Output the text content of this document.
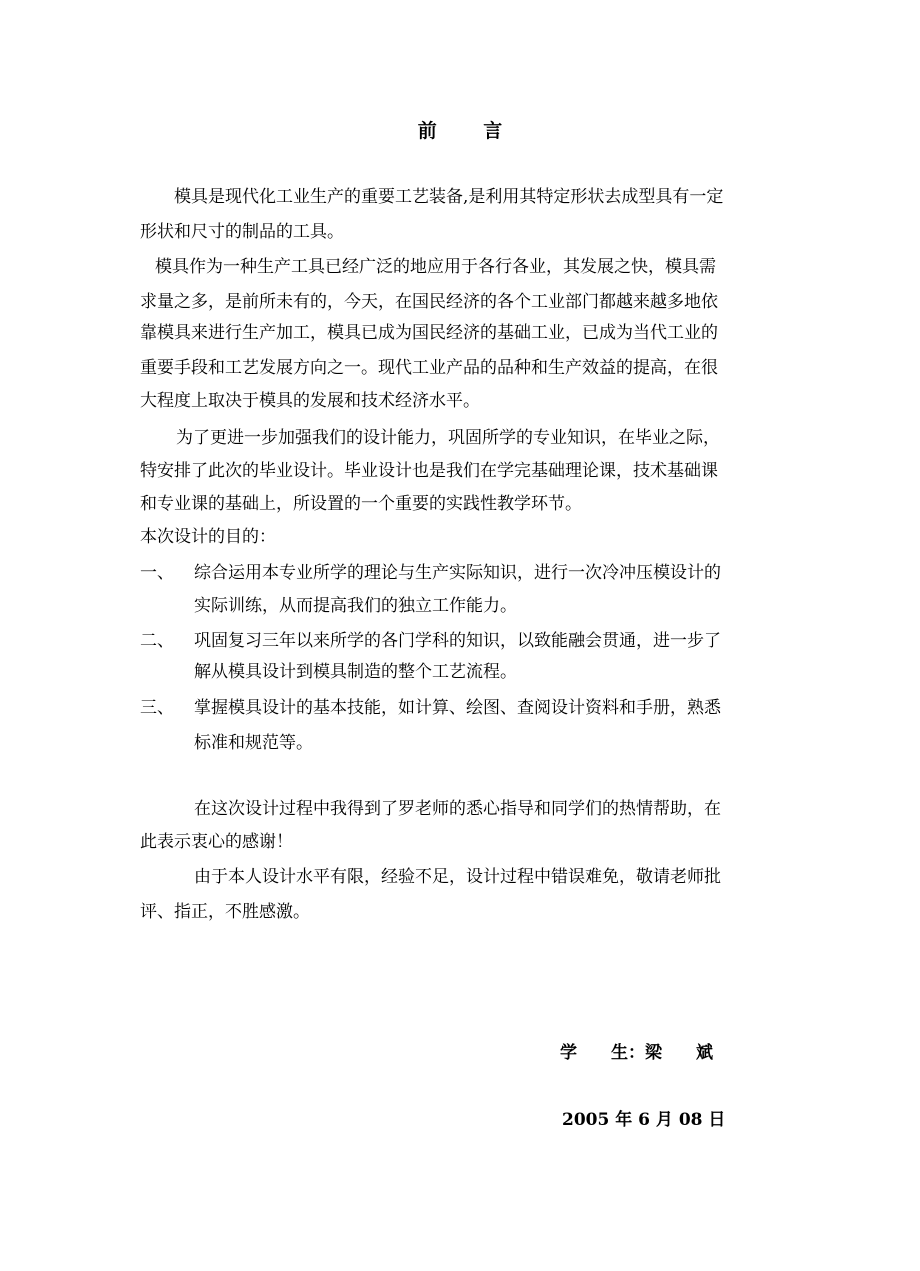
前 言
模具是现代化工业生产的重要工艺装备,是利用其特定形状去成型具有一定
形状和尺寸的制品的工具。
模具作为一种生产工具已经广泛的地应用于各行各业，其发展之快，模具需
求量之多，是前所未有的，今天，在国民经济的各个工业部门都越来越多地依
靠模具来进行生产加工，模具已成为国民经济的基础工业，已成为当代工业的
重要手段和工艺发展方向之一。现代工业产品的品种和生产效益的提高，在很
大程度上取决于模具的发展和技术经济水平。
为了更进一步加强我们的设计能力，巩固所学的专业知识，在毕业之际，
特安排了此次的毕业设计。毕业设计也是我们在学完基础理论课，技术基础课
和专业课的基础上，所设置的一个重要的实践性教学环节。
本次设计的目的：
一、 综合运用本专业所学的理论与生产实际知识，进行一次冷冲压模设计的
实际训练，从而提高我们的独立工作能力。
二、 巩固复习三年以来所学的各门学科的知识，以致能融会贯通，进一步了
解从模具设计到模具制造的整个工艺流程。
三、 掌握模具设计的基本技能，如计算、绘图、查阅设计资料和手册，熟悉
标准和规范等。
在这次设计过程中我得到了罗老师的悉心指导和同学们的热情帮助，在
此表示衷心的感谢！
由于本人设计水平有限，经验不足，设计过程中错误难免，敬请老师批
评、指正，不胜感激。
学　　生：梁　　斌
2005 年 6 月 08 日
